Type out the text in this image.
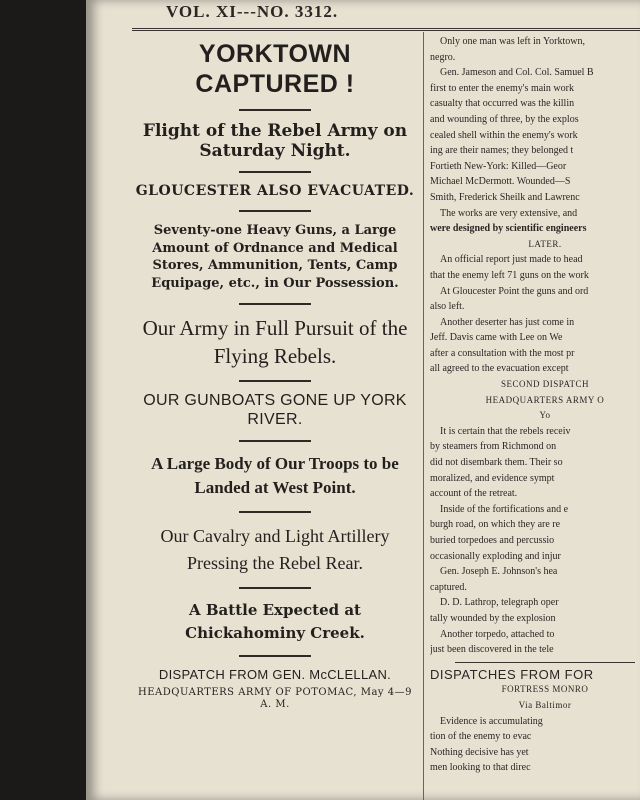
VOL. XI---NO. 3312.
YORKTOWN CAPTURED !
Flight of the Rebel Army on Saturday Night.
GLOUCESTER ALSO EVACUATED.
Seventy-one Heavy Guns, a Large Amount of Ordnance and Medical Stores, Ammunition, Tents, Camp Equipage, etc., in Our Possession.
Our Army in Full Pursuit of the Flying Rebels.
OUR GUNBOATS GONE UP YORK RIVER.
A Large Body of Our Troops to be Landed at West Point.
Our Cavalry and Light Artillery Pressing the Rebel Rear.
A Battle Expected at Chickahominy Creek.
DISPATCH FROM GEN. McCLELLAN.
HEADQUARTERS ARMY OF POTOMAC, May 4—9 A. M.
Only one man was left in Yorktown,
negro.
Gen. Jameson and Col. Col. Samuel B
first to enter the enemy's main work
casualty that occurred was the killin
and wounding of three, by the explos
cealed shell within the enemy's work
ing are their names; they belonged t
Fortieth New-York: Killed—Geor
Michael McDermott. Wounded—S
Smith, Frederick Sheilk and Lawrenc
The works are very extensive, and
were designed by scientific engineers
LATER.
An official report just made to head
that the enemy left 71 guns on the work
At Gloucester Point the guns and ord
also left.
Another deserter has just come in
Jeff. Davis came with Lee on We
after a consultation with the most pr
all agreed to the evacuation except
SECOND DISPATCH
HEADQUARTERS ARMY O
Yo
It is certain that the rebels receiv
by steamers from Richmond on
did not disembark them. Their so
moralized, and evidence sympt
account of the retreat.
Inside of the fortifications and e
burgh road, on which they are re
buried torpedoes and percussio
occasionally exploding and injur
Gen. Joseph E. Johnson's hea
captured.
D. D. Lathrop, telegraph oper
tally wounded by the explosion
Another torpedo, attached to
just been discovered in the tele
DISPATCHES FROM FOR
FORTRESS MONRO
Via Baltimor
Evidence is accumulating
tion of the enemy to evac
Nothing decisive has yet
men looking to that direc
